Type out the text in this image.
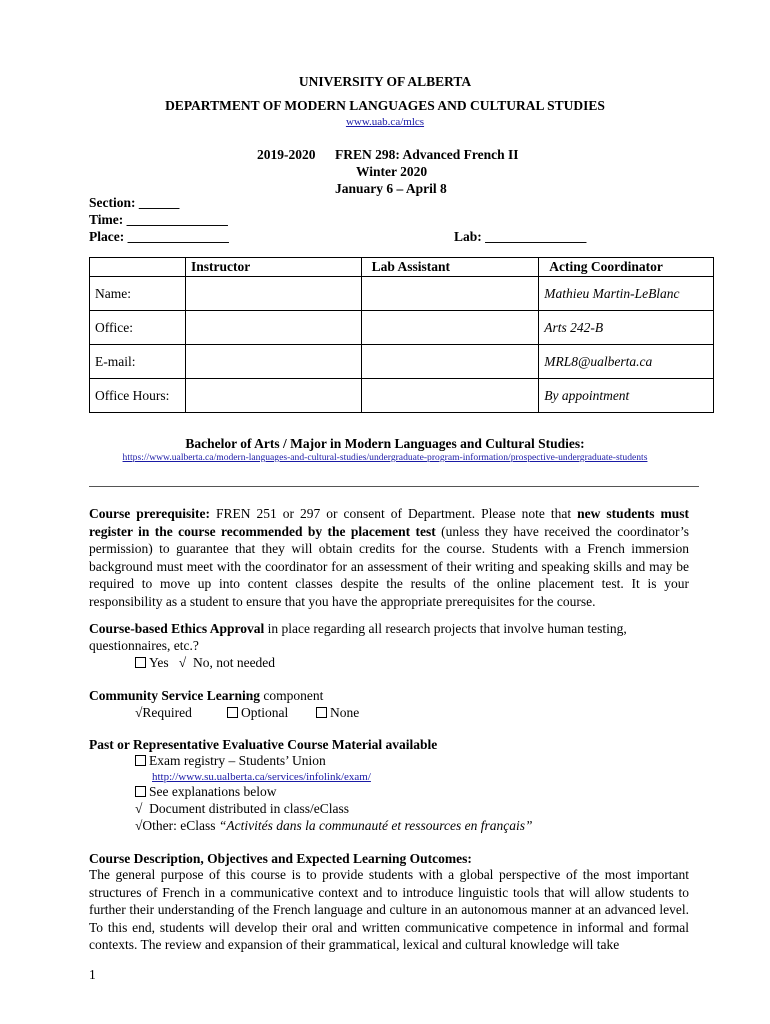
UNIVERSITY OF ALBERTA
DEPARTMENT OF MODERN LANGUAGES AND CULTURAL STUDIES
www.uab.ca/mlcs
2019-2020 FREN 298: Advanced French II
Winter 2020
January 6 – April 8
Section: ______
Time: _______________
Place: _______________	Lab: _______________
	Instructor	Lab Assistant	Acting Coordinator
Name:			Mathieu Martin-LeBlanc
Office:			Arts 242-B
E-mail:			MRL8@ualberta.ca
Office Hours:			By appointment
Bachelor of Arts / Major in Modern Languages and Cultural Studies:
https://www.ualberta.ca/modern-languages-and-cultural-studies/undergraduate-program-information/prospective-undergraduate-students
Course prerequisite: FREN 251 or 297 or consent of Department. Please note that new students must register in the course recommended by the placement test (unless they have received the coordinator’s permission) to guarantee that they will obtain credits for the course. Students with a French immersion background must meet with the coordinator for an assessment of their writing and speaking skills and may be required to move up into content classes despite the results of the online placement test. It is your responsibility as a student to ensure that you have the appropriate prerequisites for the course.
Course-based Ethics Approval in place regarding all research projects that involve human testing,
questionnaires, etc.?
Yes √ No, not needed
Community Service Learning component
√Required	Optional	None
Past or Representative Evaluative Course Material available
Exam registry – Students’ Union
http://www.su.ualberta.ca/services/infolink/exam/
See explanations below
√ Document distributed in class/eClass
√Other: eClass “Activités dans la communauté et ressources en français”
Course Description, Objectives and Expected Learning Outcomes:
The general purpose of this course is to provide students with a global perspective of the most important structures of French in a communicative context and to introduce linguistic tools that will allow students to further their understanding of the French language and culture in an autonomous manner at an advanced level. To this end, students will develop their oral and written communicative competence in informal and formal contexts. The review and expansion of their grammatical, lexical and cultural knowledge will take
1
